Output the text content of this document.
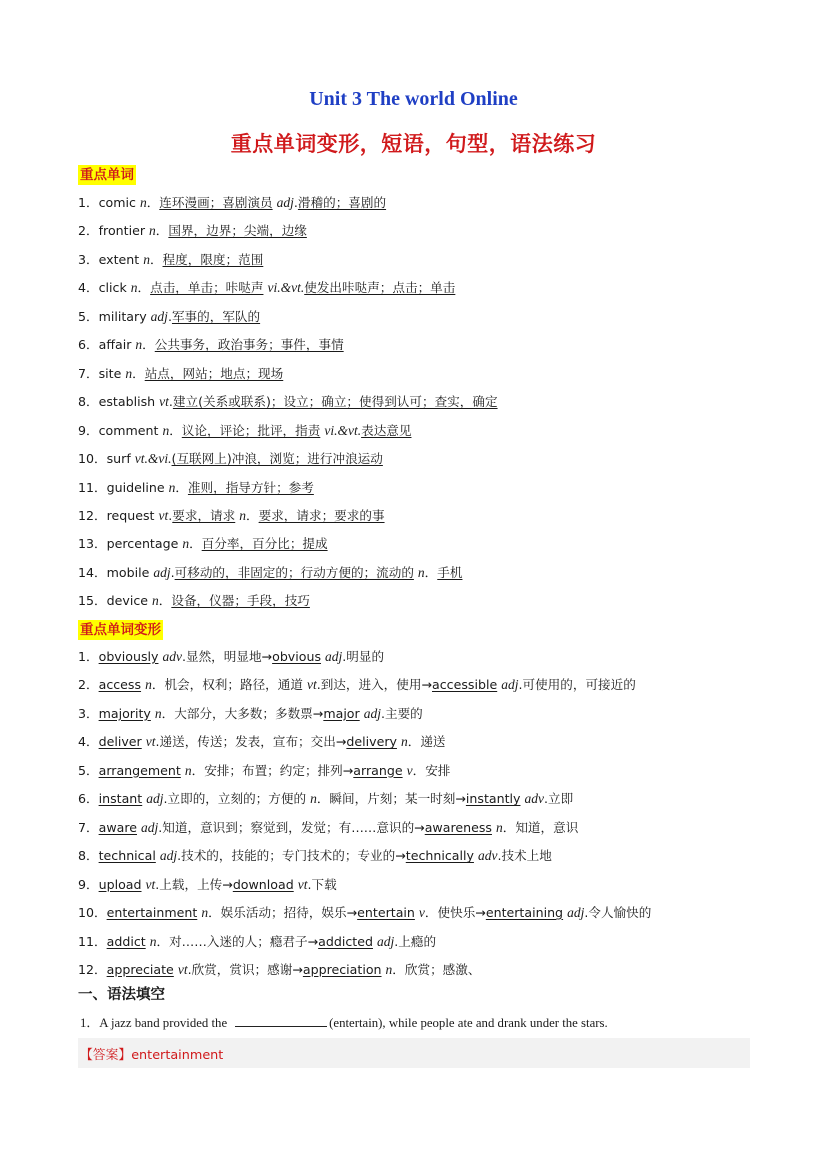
Unit 3 The world Online
重点单词变形，短语，句型，语法练习
重点单词
1．comic n．连环漫画；喜剧演员 adj.滑稽的；喜剧的
2．frontier n．国界，边界；尖端，边缘
3．extent n．程度，限度；范围
4．click n．点击，单击；咔哒声 vi.&vt.使发出咔哒声；点击；单击
5．military adj.军事的，军队的
6．affair n．公共事务，政治事务；事件，事情
7．site n．站点，网站；地点；现场
8．establish vt.建立(关系或联系)；设立；确立；使得到认可；查实，确定
9．comment n．议论，评论；批评，指责 vi.&vt.表达意见
10．surf vt.&vi.(互联网上)冲浪，浏览；进行冲浪运动
11．guideline n．准则，指导方针；参考
12．request vt.要求，请求 n．要求，请求；要求的事
13．percentage n．百分率，百分比；提成
14．mobile adj.可移动的，非固定的；行动方便的；流动的 n．手机
15．device n．设备，仪器；手段，技巧
重点单词变形
1．obviously adv.显然，明显地→obvious adj.明显的
2．access n．机会，权利；路径，通道 vt.到达，进入，使用→accessible adj.可使用的，可接近的
3．majority n．大部分，大多数；多数票→major adj.主要的
4．deliver vt.递送，传送；发表，宣布；交出→delivery n．递送
5．arrangement n．安排；布置；约定；排列→arrange v．安排
6．instant adj.立即的，立刻的；方便的 n．瞬间，片刻；某一时刻→instantly adv.立即
7．aware adj.知道，意识到；察觉到，发觉；有……意识的→awareness n．知道，意识
8．technical adj.技术的，技能的；专门技术的；专业的→technically adv.技术上地
9．upload vt.上载，上传→download vt.下载
10．entertainment n．娱乐活动；招待，娱乐→entertain v．使快乐→entertaining adj.令人愉快的
11．addict n．对……入迷的人；瘾君子→addicted adj.上瘾的
12．appreciate vt.欣赏，赏识；感谢→appreciation n．欣赏；感激、
一、语法填空
1．A jazz band provided the	(entertain), while people ate and drank under the stars.
【答案】entertainment
